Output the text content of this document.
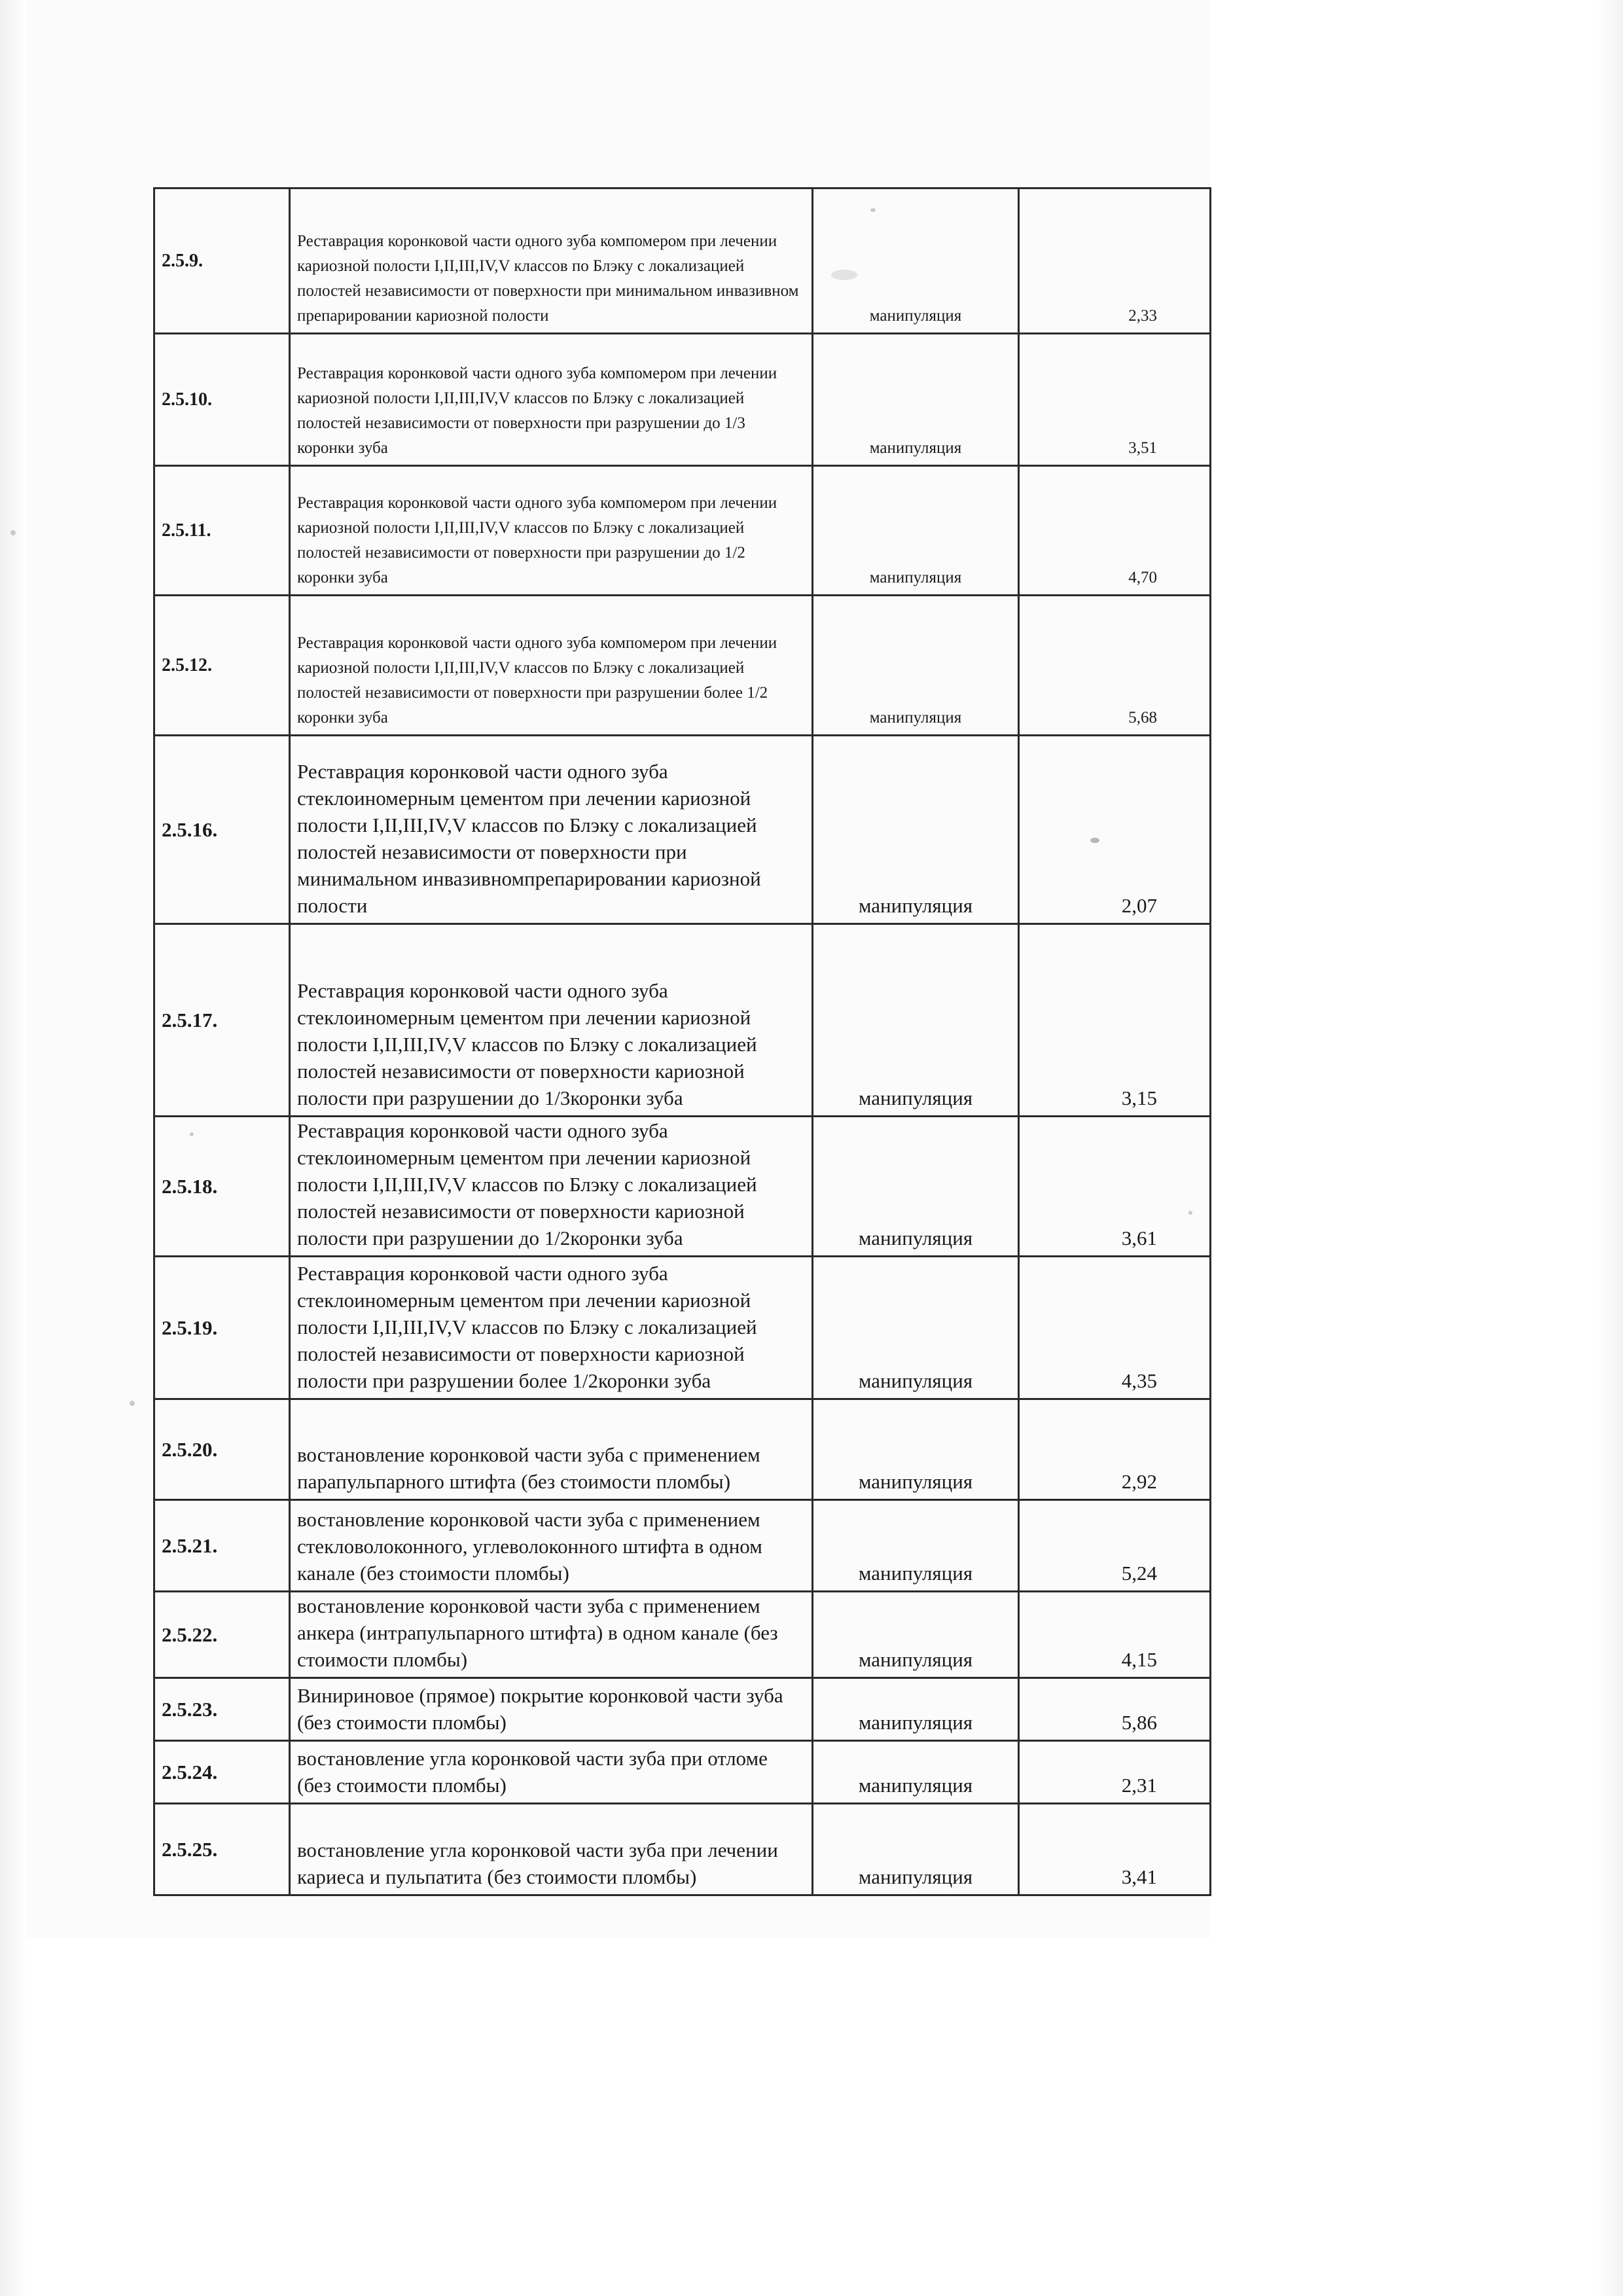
2.5.9.	Реставрация коронковой части одного зуба компомером при лечении кариозной полости I,II,III,IV,V классов по Блэку с локализацией полостей независимости от поверхности при минимальном инвазивном препарировании кариозной полости	манипуляция	2,33
2.5.10.	Реставрация коронковой части одного зуба компомером при лечении кариозной полости I,II,III,IV,V классов по Блэку с локализацией полостей независимости от поверхности при разрушении до 1/3 коронки зуба	манипуляция	3,51
2.5.11.	Реставрация коронковой части одного зуба компомером при лечении кариозной полости I,II,III,IV,V классов по Блэку с локализацией полостей независимости от поверхности при разрушении до 1/2 коронки зуба	манипуляция	4,70
2.5.12.	Реставрация коронковой части одного зуба компомером при лечении кариозной полости I,II,III,IV,V классов по Блэку с локализацией полостей независимости от поверхности при разрушении более 1/2 коронки зуба	манипуляция	5,68
2.5.16.	Реставрация коронковой части одного зуба стеклоиномерным цементом при лечении кариозной полости I,II,III,IV,V классов по Блэку с локализацией полостей независимости от поверхности при минимальном инвазивномпрепарировании кариозной полости	манипуляция	2,07
2.5.17.	Реставрация коронковой части одного зуба стеклоиномерным цементом при лечении кариозной полости I,II,III,IV,V классов по Блэку с локализацией полостей независимости от поверхности кариозной полости при разрушении до 1/3коронки зуба	манипуляция	3,15
2.5.18.	Реставрация коронковой части одного зуба стеклоиномерным цементом при лечении кариозной полости I,II,III,IV,V классов по Блэку с локализацией полостей независимости от поверхности кариозной полости при разрушении до 1/2коронки зуба	манипуляция	3,61
2.5.19.	Реставрация коронковой части одного зуба стеклоиномерным цементом при лечении кариозной полости I,II,III,IV,V классов по Блэку с локализацией полостей независимости от поверхности кариозной полости при разрушении более 1/2коронки зуба	манипуляция	4,35
2.5.20.	востановление коронковой части зуба с применением парапульпарного штифта (без стоимости пломбы)	манипуляция	2,92
2.5.21.	востановление коронковой части зуба с применением стекловолоконного, углеволоконного штифта в одном канале (без стоимости пломбы)	манипуляция	5,24
2.5.22.	востановление коронковой части зуба с применением анкера (интрапульпарного штифта) в одном канале (без стоимости пломбы)	манипуляция	4,15
2.5.23.	Винириновое (прямое) покрытие коронковой части зуба (без стоимости пломбы)	манипуляция	5,86
2.5.24.	востановление угла коронковой части зуба при отломе (без стоимости пломбы)	манипуляция	2,31
2.5.25.	востановление угла коронковой части зуба при лечении кариеса и пульпатита (без стоимости пломбы)	манипуляция	3,41
